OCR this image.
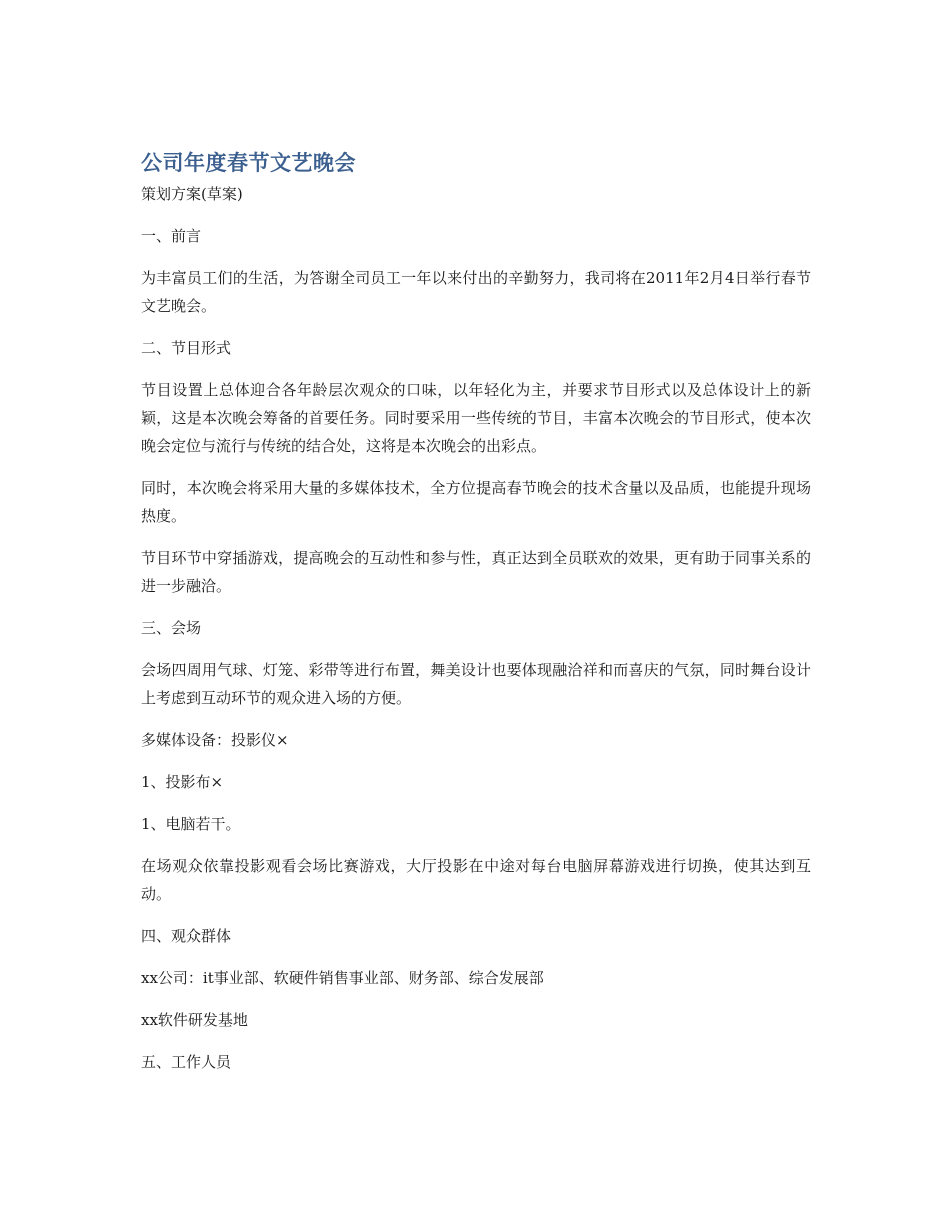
公司年度春节文艺晚会

策划方案(草案)

一、前言

为丰富员工们的生活，为答谢全司员工一年以来付出的辛勤努力，我司将在2011年2月4日举行春节文艺晚会。

二、节目形式

节目设置上总体迎合各年龄层次观众的口味，以年轻化为主，并要求节目形式以及总体设计上的新颖，这是本次晚会筹备的首要任务。同时要采用一些传统的节目，丰富本次晚会的节目形式，使本次晚会定位与流行与传统的结合处，这将是本次晚会的出彩点。

同时，本次晚会将采用大量的多媒体技术，全方位提高春节晚会的技术含量以及品质，也能提升现场热度。

节目环节中穿插游戏，提高晚会的互动性和参与性，真正达到全员联欢的效果，更有助于同事关系的进一步融洽。

三、会场

会场四周用气球、灯笼、彩带等进行布置，舞美设计也要体现融洽祥和而喜庆的气氛，同时舞台设计上考虑到互动环节的观众进入场的方便。

多媒体设备：投影仪×

1、投影布×

1、电脑若干。

在场观众依靠投影观看会场比赛游戏，大厅投影在中途对每台电脑屏幕游戏进行切换，使其达到互动。

四、观众群体

xx公司：it事业部、软硬件销售事业部、财务部、综合发展部

xx软件研发基地

五、工作人员
